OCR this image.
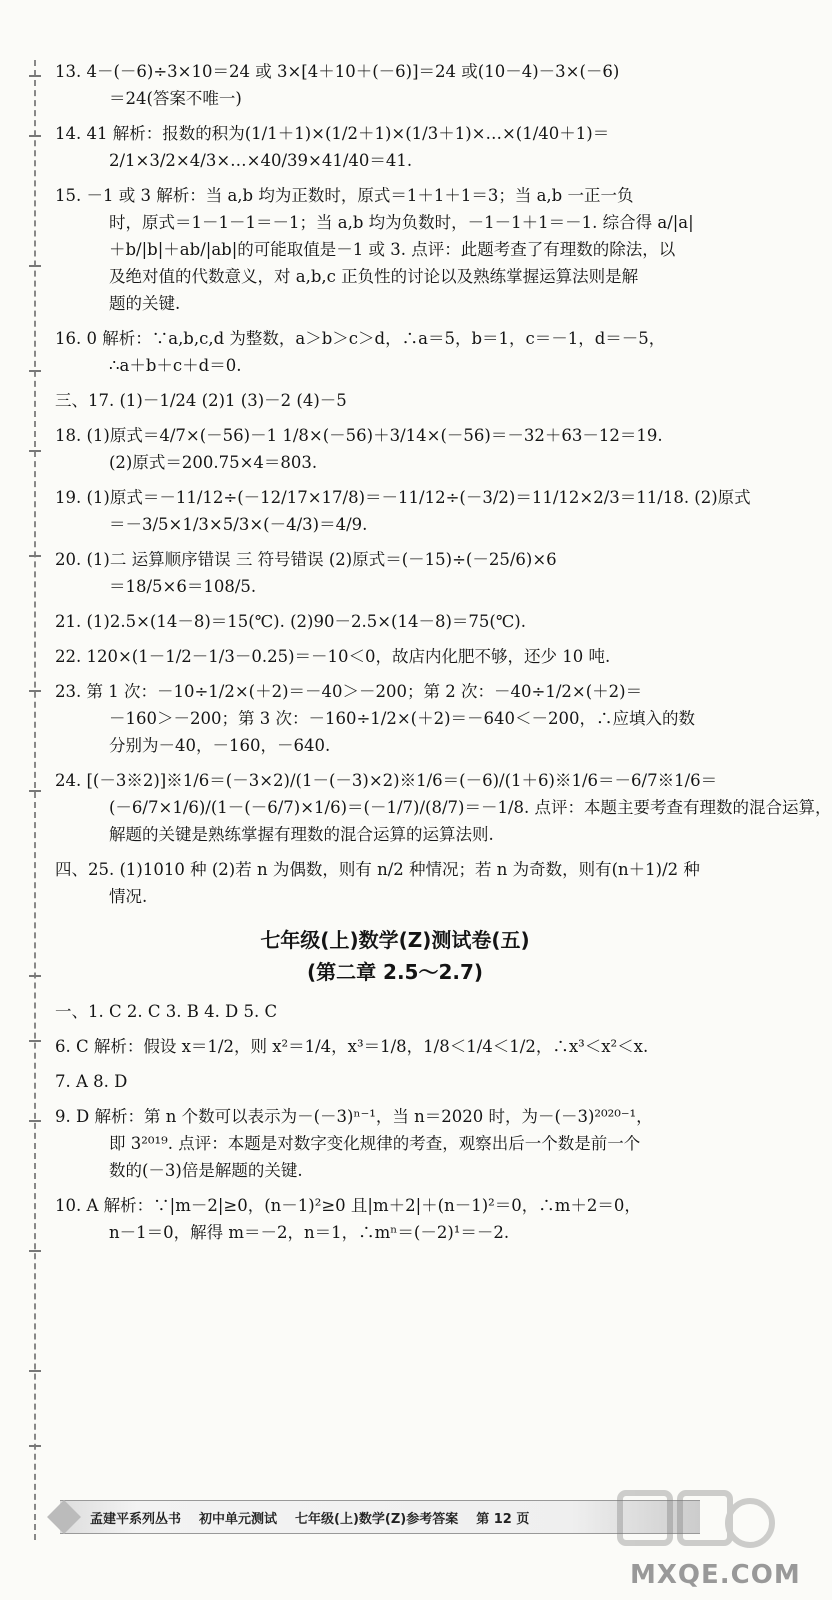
13. 4－(－6)÷3×10＝24 或 3×[4＋10＋(－6)]＝24 或(10－4)－3×(－6)
＝24(答案不唯一)
14. 41 解析：报数的积为(1/1＋1)×(1/2＋1)×(1/3＋1)×…×(1/40＋1)＝
2/1×3/2×4/3×…×40/39×41/40＝41.
15. －1 或 3 解析：当 a,b 均为正数时，原式＝1＋1＋1＝3；当 a,b 一正一负
时，原式＝1－1－1＝－1；当 a,b 均为负数时，－1－1＋1＝－1. 综合得 a/|a|
＋b/|b|＋ab/|ab|的可能取值是－1 或 3. 点评：此题考查了有理数的除法，以
及绝对值的代数意义，对 a,b,c 正负性的讨论以及熟练掌握运算法则是解
题的关键.
16. 0 解析：∵a,b,c,d 为整数，a＞b＞c＞d，∴a＝5，b＝1，c＝－1，d＝－5，
∴a＋b＋c＋d＝0.
三、17. (1)－1/24 (2)1 (3)－2 (4)－5
18. (1)原式＝4/7×(－56)－1 1/8×(－56)＋3/14×(－56)＝－32＋63－12＝19.
(2)原式＝200.75×4＝803.
19. (1)原式＝－11/12÷(－12/17×17/8)＝－11/12÷(－3/2)＝11/12×2/3＝11/18. (2)原式
＝－3/5×1/3×5/3×(－4/3)＝4/9.
20. (1)二 运算顺序错误 三 符号错误 (2)原式＝(－15)÷(－25/6)×6
＝18/5×6＝108/5.
21. (1)2.5×(14－8)＝15(℃). (2)90－2.5×(14－8)＝75(℃).
22. 120×(1－1/2－1/3－0.25)＝－10＜0，故店内化肥不够，还少 10 吨.
23. 第 1 次：－10÷1/2×(＋2)＝－40＞－200；第 2 次：－40÷1/2×(＋2)＝
－160＞－200；第 3 次：－160÷1/2×(＋2)＝－640＜－200，∴应填入的数
分别为－40，－160，－640.
24. [(－3※2)]※1/6＝(－3×2)/(1－(－3)×2)※1/6＝(－6)/(1＋6)※1/6＝－6/7※1/6＝
(－6/7×1/6)/(1－(－6/7)×1/6)＝(－1/7)/(8/7)＝－1/8. 点评：本题主要考查有理数的混合运算，
解题的关键是熟练掌握有理数的混合运算的运算法则.
四、25. (1)1010 种 (2)若 n 为偶数，则有 n/2 种情况；若 n 为奇数，则有(n＋1)/2 种
情况.
七年级(上)数学(Z)测试卷(五)
(第二章 2.5～2.7)
一、1. C 2. C 3. B 4. D 5. C
6. C 解析：假设 x＝1/2，则 x²＝1/4，x³＝1/8，1/8＜1/4＜1/2，∴x³＜x²＜x.
7. A 8. D
9. D 解析：第 n 个数可以表示为－(－3)ⁿ⁻¹，当 n＝2020 时，为－(－3)²⁰²⁰⁻¹，
即 3²⁰¹⁹. 点评：本题是对数字变化规律的考查，观察出后一个数是前一个
数的(－3)倍是解题的关键.
10. A 解析：∵|m－2|≥0，(n－1)²≥0 且|m＋2|＋(n－1)²＝0，∴m＋2＝0，
n－1＝0，解得 m＝－2，n＝1，∴mⁿ＝(－2)¹＝－2.
孟建平系列丛书 初中单元测试 七年级(上)数学(Z)参考答案 第 12 页
MXQE.COM
